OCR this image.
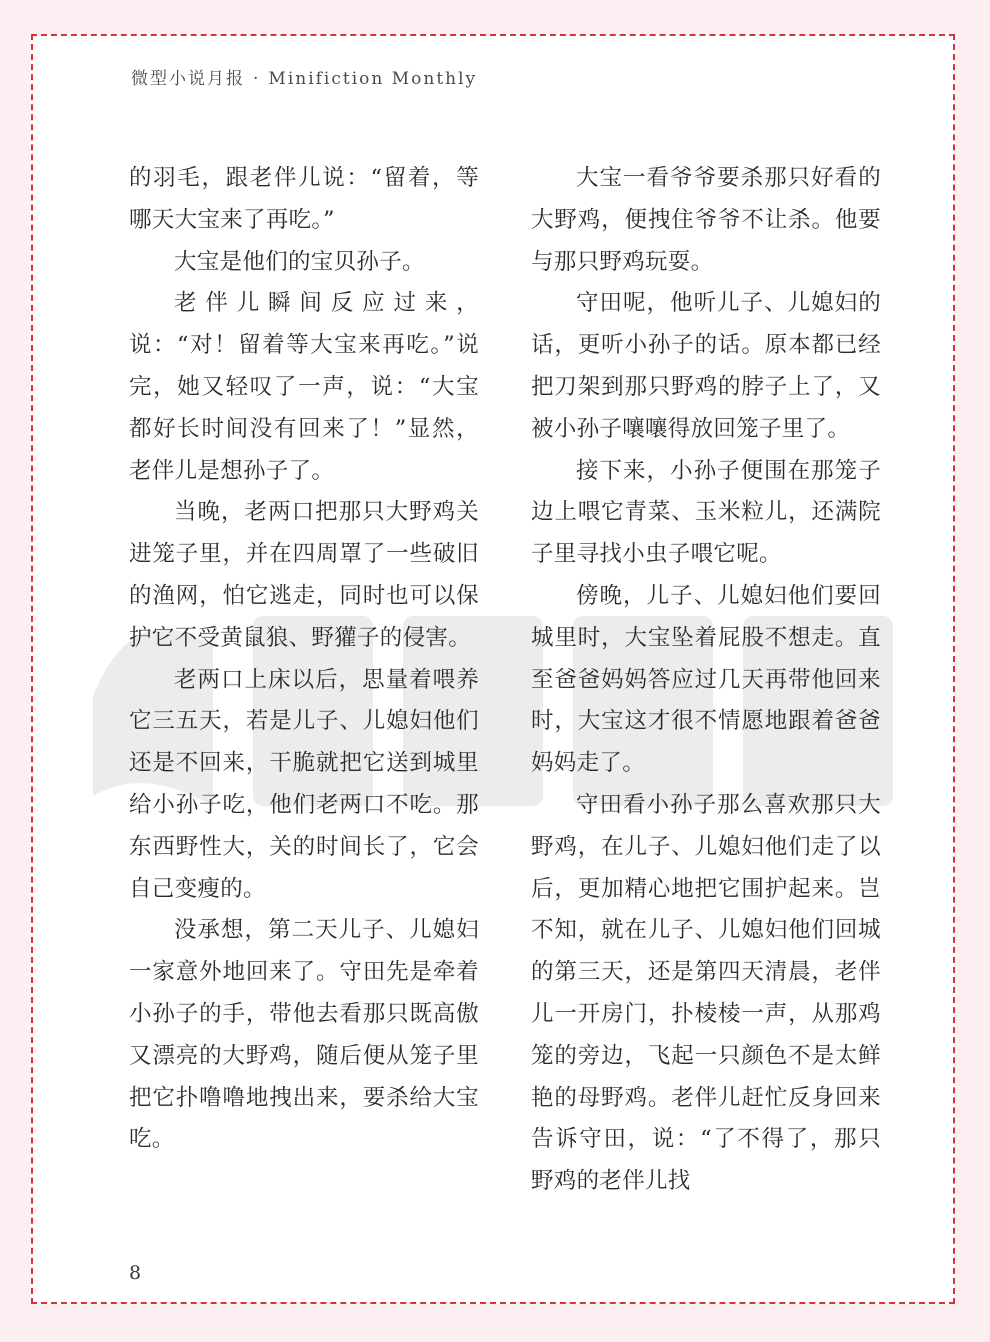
微型小说月报 · Minifiction Monthly

的羽毛，跟老伴儿说：“留着，等哪天大宝来了再吃。”

大宝是他们的宝贝孙子。

老伴儿瞬间反应过来，说：“对！留着等大宝来再吃。”说完，她又轻叹了一声，说：“大宝都好长时间没有回来了！”显然，老伴儿是想孙子了。

当晚，老两口把那只大野鸡关进笼子里，并在四周罩了一些破旧的渔网，怕它逃走，同时也可以保护它不受黄鼠狼、野獾子的侵害。

老两口上床以后，思量着喂养它三五天，若是儿子、儿媳妇他们还是不回来，干脆就把它送到城里给小孙子吃，他们老两口不吃。那东西野性大，关的时间长了，它会自己变瘦的。

没承想，第二天儿子、儿媳妇一家意外地回来了。守田先是牵着小孙子的手，带他去看那只既高傲又漂亮的大野鸡，随后便从笼子里把它扑噜噜地拽出来，要杀给大宝吃。

大宝一看爷爷要杀那只好看的大野鸡，便拽住爷爷不让杀。他要与那只野鸡玩耍。

守田呢，他听儿子、儿媳妇的话，更听小孙子的话。原本都已经把刀架到那只野鸡的脖子上了，又被小孙子嚷嚷得放回笼子里了。

接下来，小孙子便围在那笼子边上喂它青菜、玉米粒儿，还满院子里寻找小虫子喂它呢。

傍晚，儿子、儿媳妇他们要回城里时，大宝坠着屁股不想走。直至爸爸妈妈答应过几天再带他回来时，大宝这才很不情愿地跟着爸爸妈妈走了。

守田看小孙子那么喜欢那只大野鸡，在儿子、儿媳妇他们走了以后，更加精心地把它围护起来。岂不知，就在儿子、儿媳妇他们回城的第三天，还是第四天清晨，老伴儿一开房门，扑棱棱一声，从那鸡笼的旁边，飞起一只颜色不是太鲜艳的母野鸡。老伴儿赶忙反身回来告诉守田，说：“了不得了，那只野鸡的老伴儿找

8
